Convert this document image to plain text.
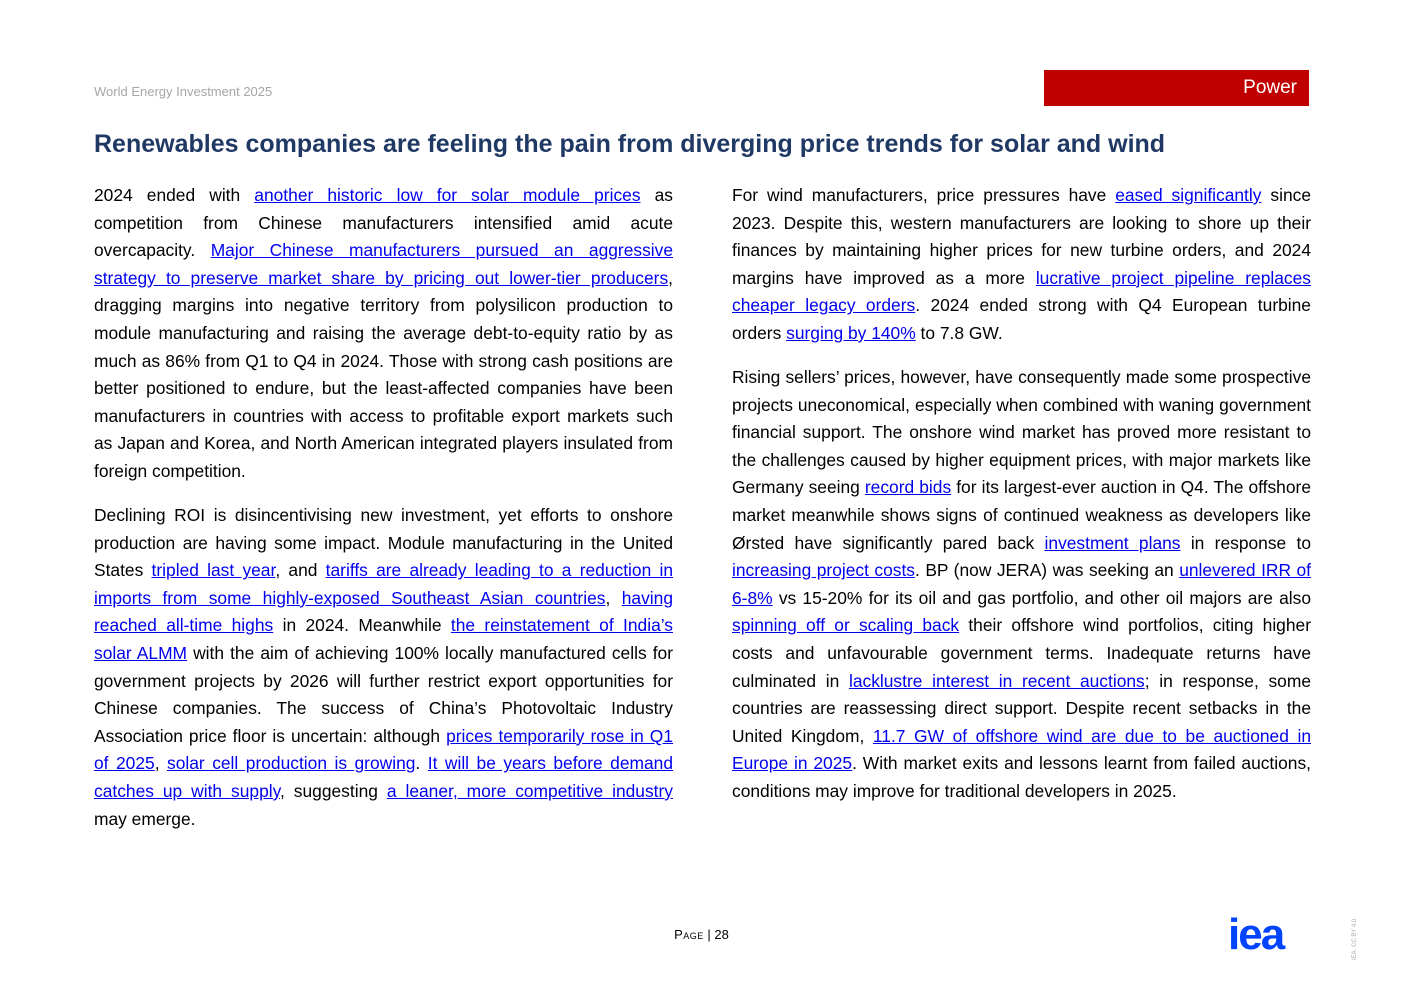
World Energy Investment 2025	Power
Renewables companies are feeling the pain from diverging price trends for solar and wind

2024 ended with another historic low for solar module prices as competition from Chinese manufacturers intensified amid acute overcapacity. Major Chinese manufacturers pursued an aggressive strategy to preserve market share by pricing out lower-tier producers, dragging margins into negative territory from polysilicon production to module manufacturing and raising the average debt-to-equity ratio by as much as 86% from Q1 to Q4 in 2024. Those with strong cash positions are better positioned to endure, but the least-affected companies have been manufacturers in countries with access to profitable export markets such as Japan and Korea, and North American integrated players insulated from foreign competition.

Declining ROI is disincentivising new investment, yet efforts to onshore production are having some impact. Module manufacturing in the United States tripled last year, and tariffs are already leading to a reduction in imports from some highly-exposed Southeast Asian countries, having reached all-time highs in 2024. Meanwhile the reinstatement of India’s solar ALMM with the aim of achieving 100% locally manufactured cells for government projects by 2026 will further restrict export opportunities for Chinese companies. The success of China’s Photovoltaic Industry Association price floor is uncertain: although prices temporarily rose in Q1 of 2025, solar cell production is growing. It will be years before demand catches up with supply, suggesting a leaner, more competitive industry may emerge.

For wind manufacturers, price pressures have eased significantly since 2023. Despite this, western manufacturers are looking to shore up their finances by maintaining higher prices for new turbine orders, and 2024 margins have improved as a more lucrative project pipeline replaces cheaper legacy orders. 2024 ended strong with Q4 European turbine orders surging by 140% to 7.8 GW.

Rising sellers’ prices, however, have consequently made some prospective projects uneconomical, especially when combined with waning government financial support. The onshore wind market has proved more resistant to the challenges caused by higher equipment prices, with major markets like Germany seeing record bids for its largest-ever auction in Q4. The offshore market meanwhile shows signs of continued weakness as developers like Ørsted have significantly pared back investment plans in response to increasing project costs. BP (now JERA) was seeking an unlevered IRR of 6-8% vs 15-20% for its oil and gas portfolio, and other oil majors are also spinning off or scaling back their offshore wind portfolios, citing higher costs and unfavourable government terms. Inadequate returns have culminated in lacklustre interest in recent auctions; in response, some countries are reassessing direct support. Despite recent setbacks in the United Kingdom, 11.7 GW of offshore wind are due to be auctioned in Europe in 2025. With market exits and lessons learnt from failed auctions, conditions may improve for traditional developers in 2025.

Page | 28	iea	IEA. CC BY 4.0.
